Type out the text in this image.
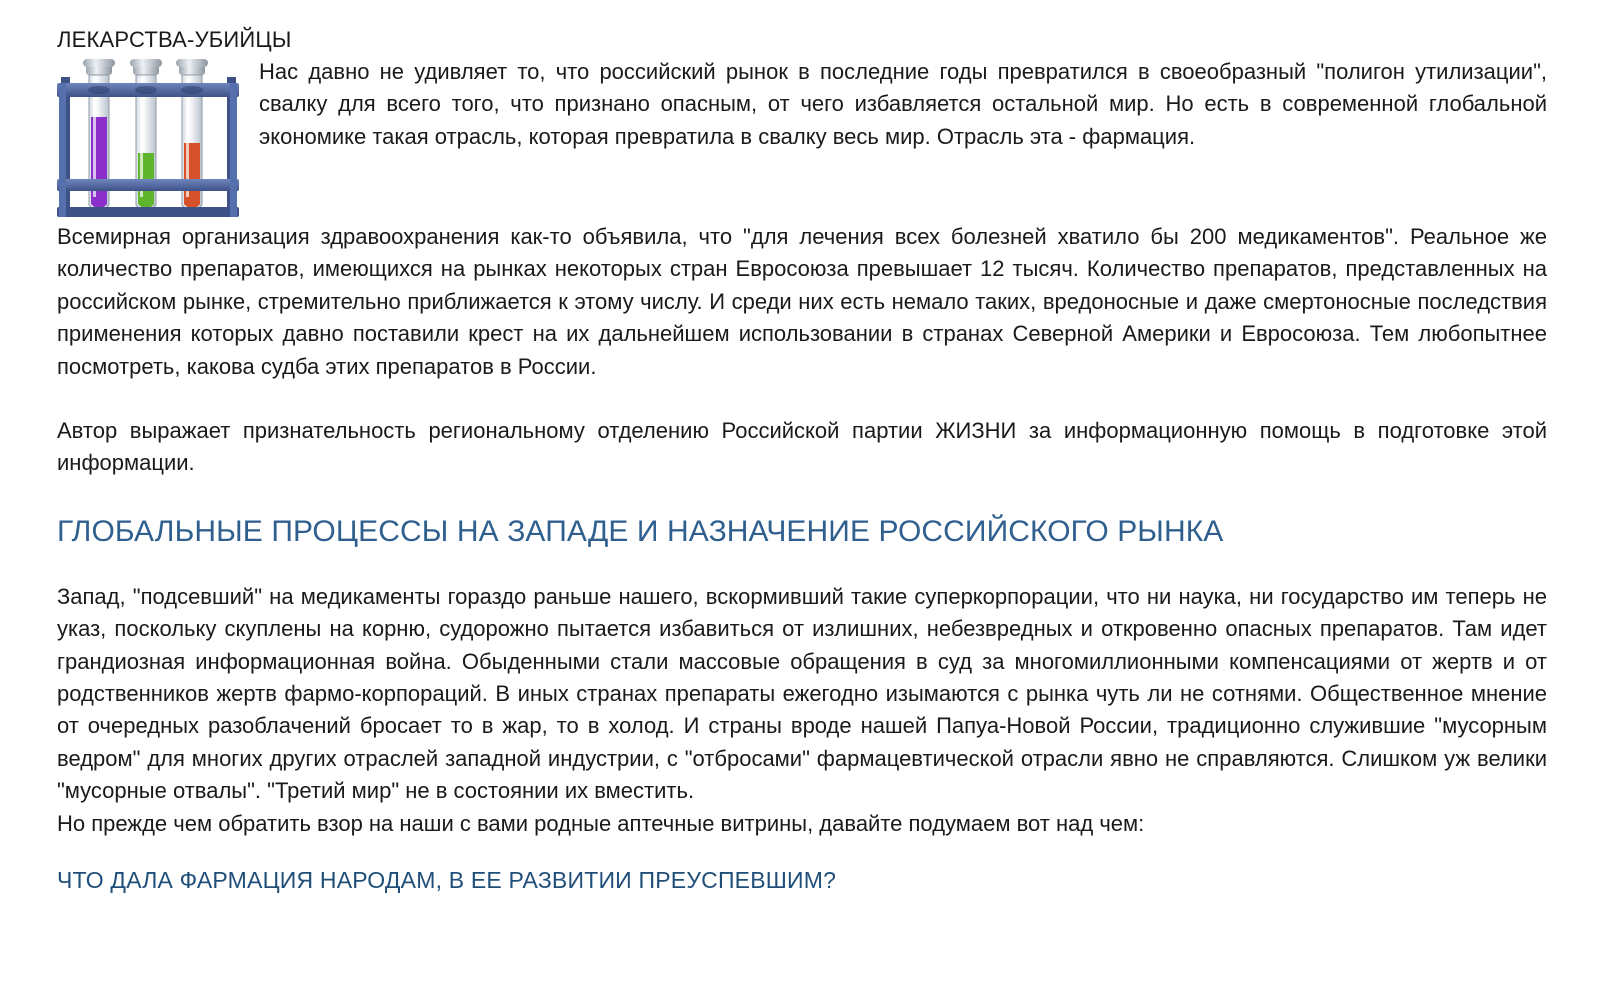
ЛЕКАРСТВА-УБИЙЦЫ

Нас давно не удивляет то, что российский рынок в последние годы превратился в своеобразный "полигон утилизации", свалку для всего того, что признано опасным, от чего избавляется остальной мир. Но есть в современной глобальной экономике такая отрасль, которая превратила в свалку весь мир. Отрасль эта - фармация.

Всемирная организация здравоохранения как-то объявила, что "для лечения всех болезней хватило бы 200 медикаментов". Реальное же количество препаратов, имеющихся на рынках некоторых стран Евросоюза превышает 12 тысяч. Количество препаратов, представленных на российском рынке, стремительно приближается к этому числу. И среди них есть немало таких, вредоносные и даже смертоносные последствия применения которых давно поставили крест на их дальнейшем использовании в странах Северной Америки и Евросоюза. Тем любопытнее посмотреть, какова судба этих препаратов в России.

Автор выражает признательность региональному отделению Российской партии ЖИЗНИ за информационную помощь в подготовке этой информации.

ГЛОБАЛЬНЫЕ ПРОЦЕССЫ НА ЗАПАДЕ И НАЗНАЧЕНИЕ РОССИЙСКОГО РЫНКА

Запад, "подсевший" на медикаменты гораздо раньше нашего, вскормивший такие суперкорпорации, что ни наука, ни государство им теперь не указ, поскольку скуплены на корню, судорожно пытается избавиться от излишних, небезвредных и откровенно опасных препаратов. Там идет грандиозная информационная война. Обыденными стали массовые обращения в суд за многомиллионными компенсациями от жертв и от родственников жертв фармо-корпораций. В иных странах препараты ежегодно изымаются с рынка чуть ли не сотнями. Общественное мнение от очередных разоблачений бросает то в жар, то в холод. И страны вроде нашей Папуа-Новой России, традиционно служившие "мусорным ведром" для многих других отраслей западной индустрии, с "отбросами" фармацевтической отрасли явно не справляются. Слишком уж велики "мусорные отвалы". "Третий мир" не в состоянии их вместить.

Но прежде чем обратить взор на наши с вами родные аптечные витрины, давайте подумаем вот над чем:

ЧТО ДАЛА ФАРМАЦИЯ НАРОДАМ, В ЕЕ РАЗВИТИИ ПРЕУСПЕВШИМ?
